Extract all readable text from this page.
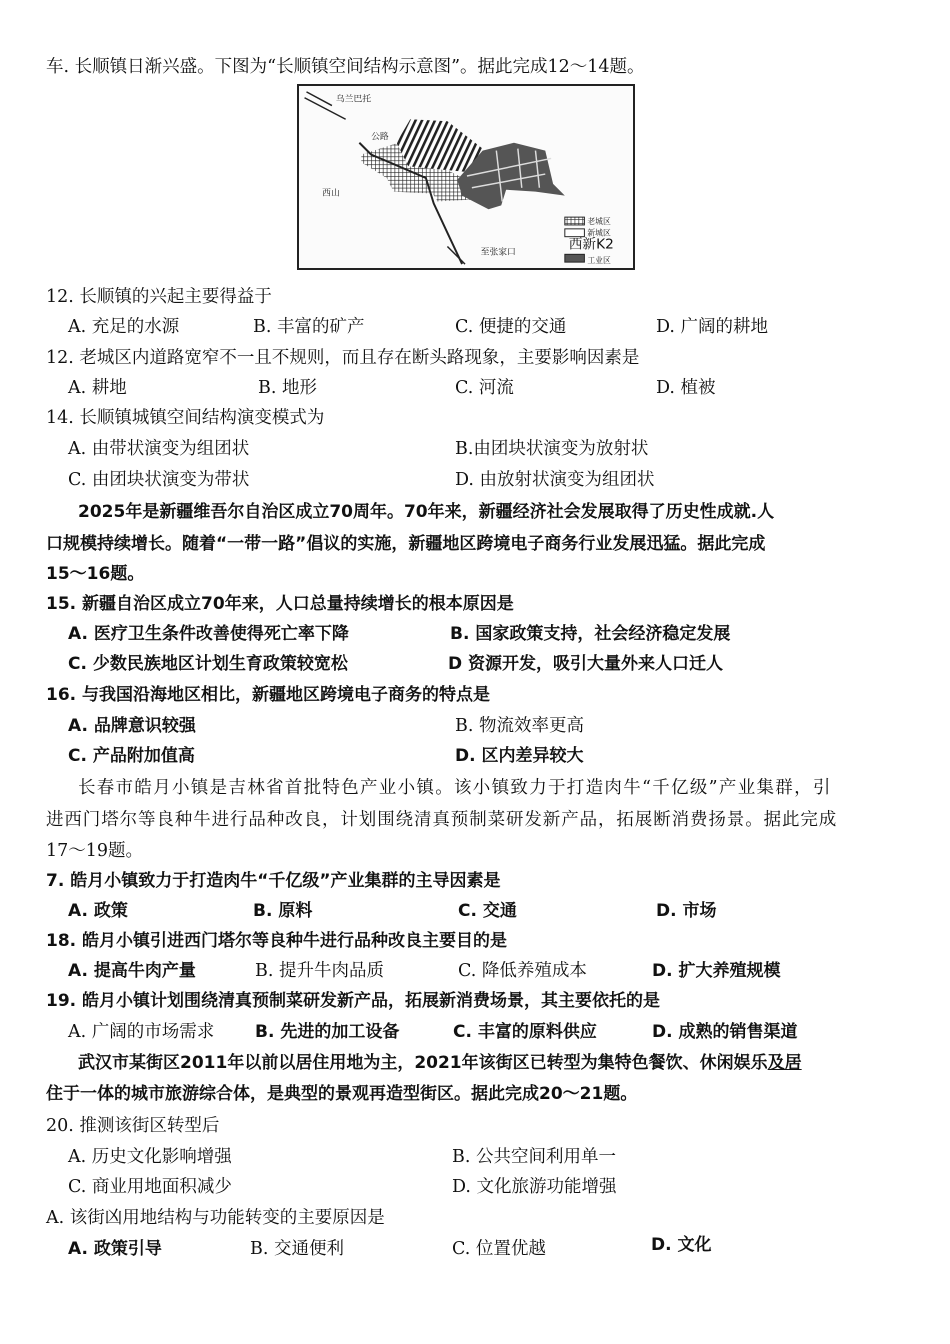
车. 长顺镇日渐兴盛。下图为“长顺镇空间结构示意图”。据此完成12～14题。
乌兰巴托
公路
西山
至张家口
老城区
新城区
西新K2
工业区
12. 长顺镇的兴起主要得益于
A. 充足的水源	B. 丰富的矿产	C. 便捷的交通	D. 广阔的耕地
12. 老城区内道路宽窄不一且不规则，而且存在断头路现象，主要影响因素是
A. 耕地	B. 地形	C. 河流	D. 植被
14. 长顺镇城镇空间结构演变模式为
A. 由带状演变为组团状	B.由团块状演变为放射状
C. 由团块状演变为带状	D. 由放射状演变为组团状
2025年是新疆维吾尔自治区成立70周年。70年来，新疆经济社会发展取得了历史性成就.人
口规模持续增长。随着“一带一路”倡议的实施，新疆地区跨境电子商务行业发展迅猛。据此完成
15～16题。
15. 新疆自治区成立70年来，人口总量持续增长的根本原因是
A. 医疗卫生条件改善使得死亡率下降	B. 国家政策支持，社会经济稳定发展
C. 少数民族地区计划生育政策较宽松	D 资源开发，吸引大量外来人口迁人
16. 与我国沿海地区相比，新疆地区跨境电子商务的特点是
A. 品牌意识较强	B. 物流效率更高
C. 产品附加值高	D. 区内差异较大
长春市皓月小镇是吉林省首批特色产业小镇。该小镇致力于打造肉牛“千亿级”产业集群，引
进西门塔尔等良种牛进行品种改良，计划围绕清真预制菜研发新产品，拓展断消费扬景。据此完成
17～19题。
7. 皓月小镇致力于打造肉牛“千亿级”产业集群的主导因素是
A. 政策	B. 原料	C. 交通	D. 市场
18. 皓月小镇引进西门塔尔等良种牛进行品种改良主要目的是
A. 提高牛肉产量	B. 提升牛肉品质	C. 降低养殖成本	D. 扩大养殖规模
19. 皓月小镇计划围绕清真预制菜研发新产品，拓展新消费场景，其主要依托的是
A. 广阔的市场需求 B. 先进的加工设备	C. 丰富的原料供应	D. 成熟的销售渠道
武汉市某街区2011年以前以居住用地为主，2021年该街区已转型为集特色餐饮、休闲娱乐及居
住于一体的城市旅游综合体，是典型的景观再造型街区。据此完成20～21题。
20. 推测该街区转型后
A. 历史文化影响增强	B. 公共空间利用单一
C. 商业用地面积减少	D. 文化旅游功能增强
A. 该街凶用地结构与功能转变的主要原因是
A. 政策引导	B. 交通便利	C. 位置优越	D. 文化
